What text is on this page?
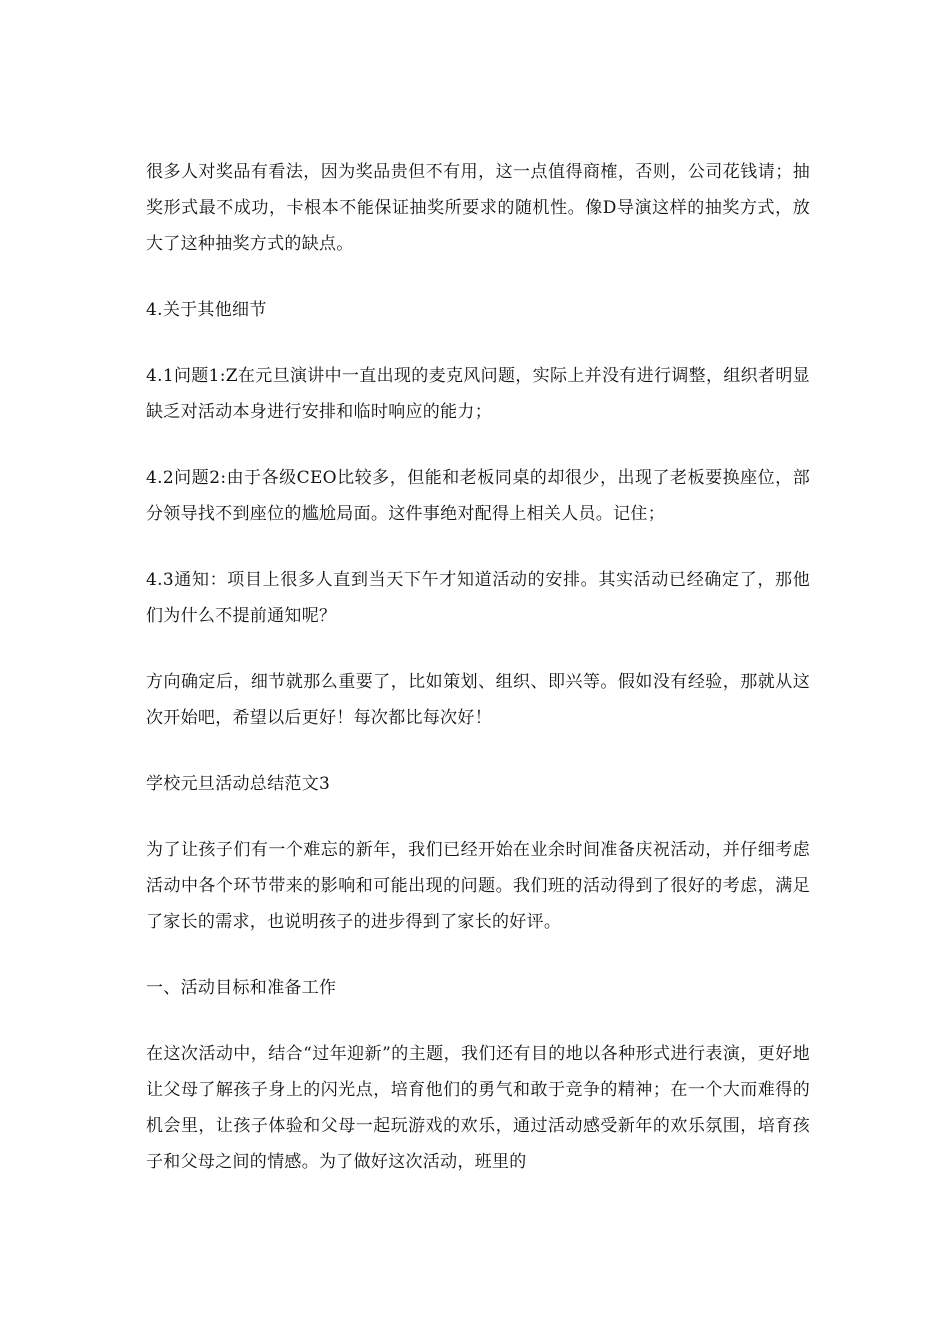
很多人对奖品有看法，因为奖品贵但不有用，这一点值得商榷，否则，公司花钱请；抽奖形式最不成功，卡根本不能保证抽奖所要求的随机性。像D导演这样的抽奖方式，放大了这种抽奖方式的缺点。

4.关于其他细节

4.1问题1:Z在元旦演讲中一直出现的麦克风问题，实际上并没有进行调整，组织者明显缺乏对活动本身进行安排和临时响应的能力；

4.2问题2:由于各级CEO比较多，但能和老板同桌的却很少，出现了老板要换座位，部分领导找不到座位的尴尬局面。这件事绝对配得上相关人员。记住；

4.3通知：项目上很多人直到当天下午才知道活动的安排。其实活动已经确定了，那他们为什么不提前通知呢？

方向确定后，细节就那么重要了，比如策划、组织、即兴等。假如没有经验，那就从这次开始吧，希望以后更好！每次都比每次好！

学校元旦活动总结范文3

为了让孩子们有一个难忘的新年，我们已经开始在业余时间准备庆祝活动，并仔细考虑活动中各个环节带来的影响和可能出现的问题。我们班的活动得到了很好的考虑，满足了家长的需求，也说明孩子的进步得到了家长的好评。

一、活动目标和准备工作

在这次活动中，结合“过年迎新”的主题，我们还有目的地以各种形式进行表演，更好地让父母了解孩子身上的闪光点，培育他们的勇气和敢于竞争的精神；在一个大而难得的机会里，让孩子体验和父母一起玩游戏的欢乐，通过活动感受新年的欢乐氛围，培育孩子和父母之间的情感。为了做好这次活动，班里的
